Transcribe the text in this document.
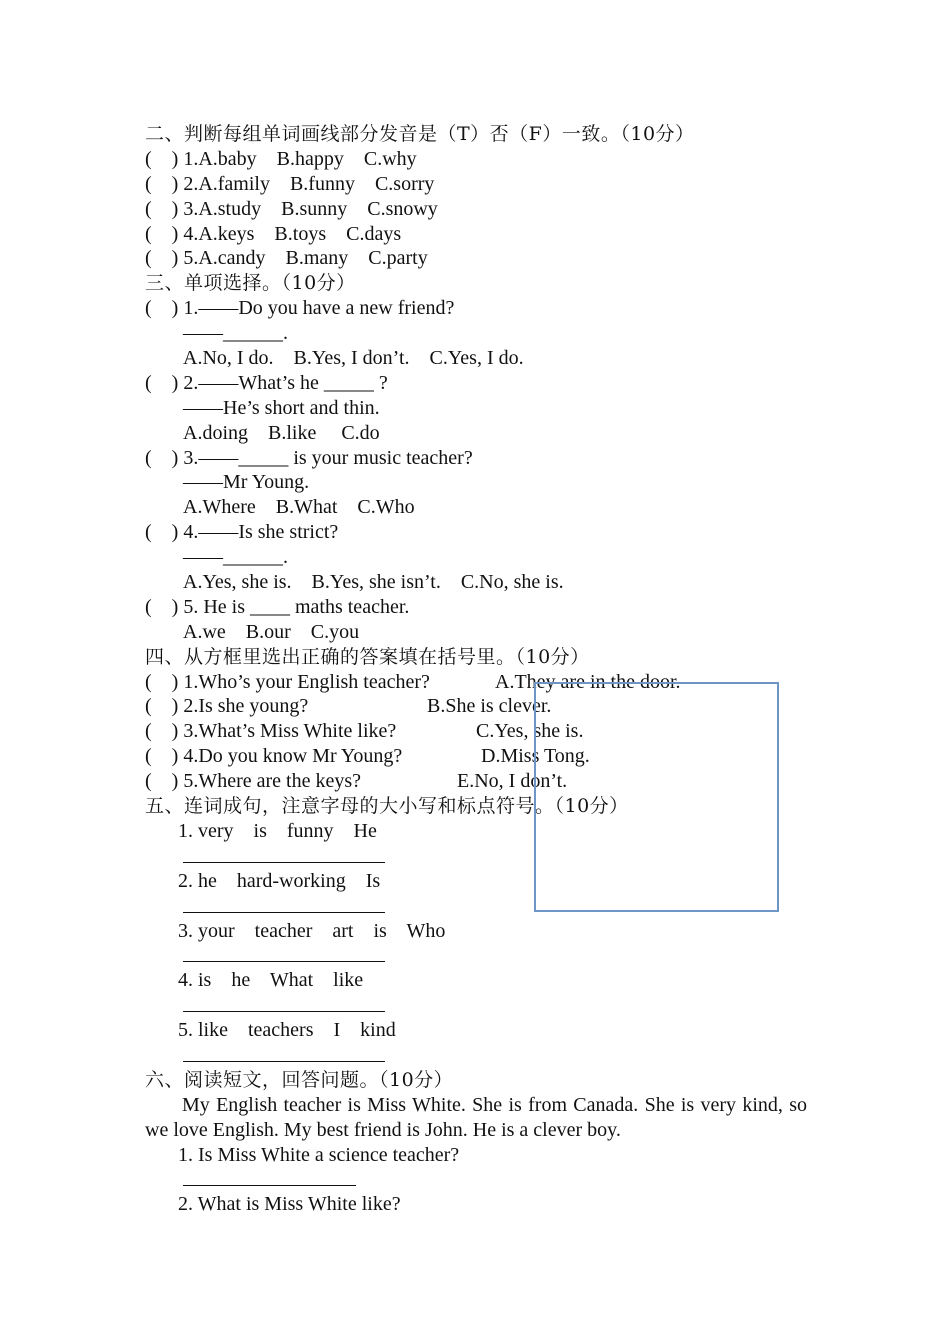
二、判断每组单词画线部分发音是（T）否（F）一致。（10分）
(    ) 1.A.baby    B.happy    C.why
(    ) 2.A.family    B.funny    C.sorry
(    ) 3.A.study    B.sunny    C.snowy
(    ) 4.A.keys    B.toys    C.days
(    ) 5.A.candy    B.many    C.party
三、单项选择。（10分）
(    ) 1.——Do you have a new friend?
——______.
A.No, I do.    B.Yes, I don’t.    C.Yes, I do.
(    ) 2.——What’s he _____ ?
——He’s short and thin.
A.doing    B.like     C.do
(    ) 3.——_____ is your music teacher?
——Mr Young.
A.Where    B.What    C.Who
(    ) 4.——Is she strict?
——______.
A.Yes, she is.    B.Yes, she isn’t.    C.No, she is.
(    ) 5. He is ____ maths teacher.
A.we    B.our    C.you
四、从方框里选出正确的答案填在括号里。（10分）
(    ) 1.Who’s your English teacher?	A.They are in the door.
(    ) 2.Is she young?	B.She is clever.
(    ) 3.What’s Miss White like?	C.Yes, she is.
(    ) 4.Do you know Mr Young?	D.Miss Tong.
(    ) 5.Where are the keys?	E.No, I don’t.
五、连词成句，注意字母的大小写和标点符号。（10分）
1. very    is    funny    He
2. he    hard-working    Is
3. your    teacher    art    is    Who
4. is    he    What    like
5. like    teachers    I    kind
六、阅读短文，回答问题。（10分）
My English teacher is Miss White. She is from Canada. She is very kind, so we love English. My best friend is John. He is a clever boy.
1. Is Miss White a science teacher?
2. What is Miss White like?
